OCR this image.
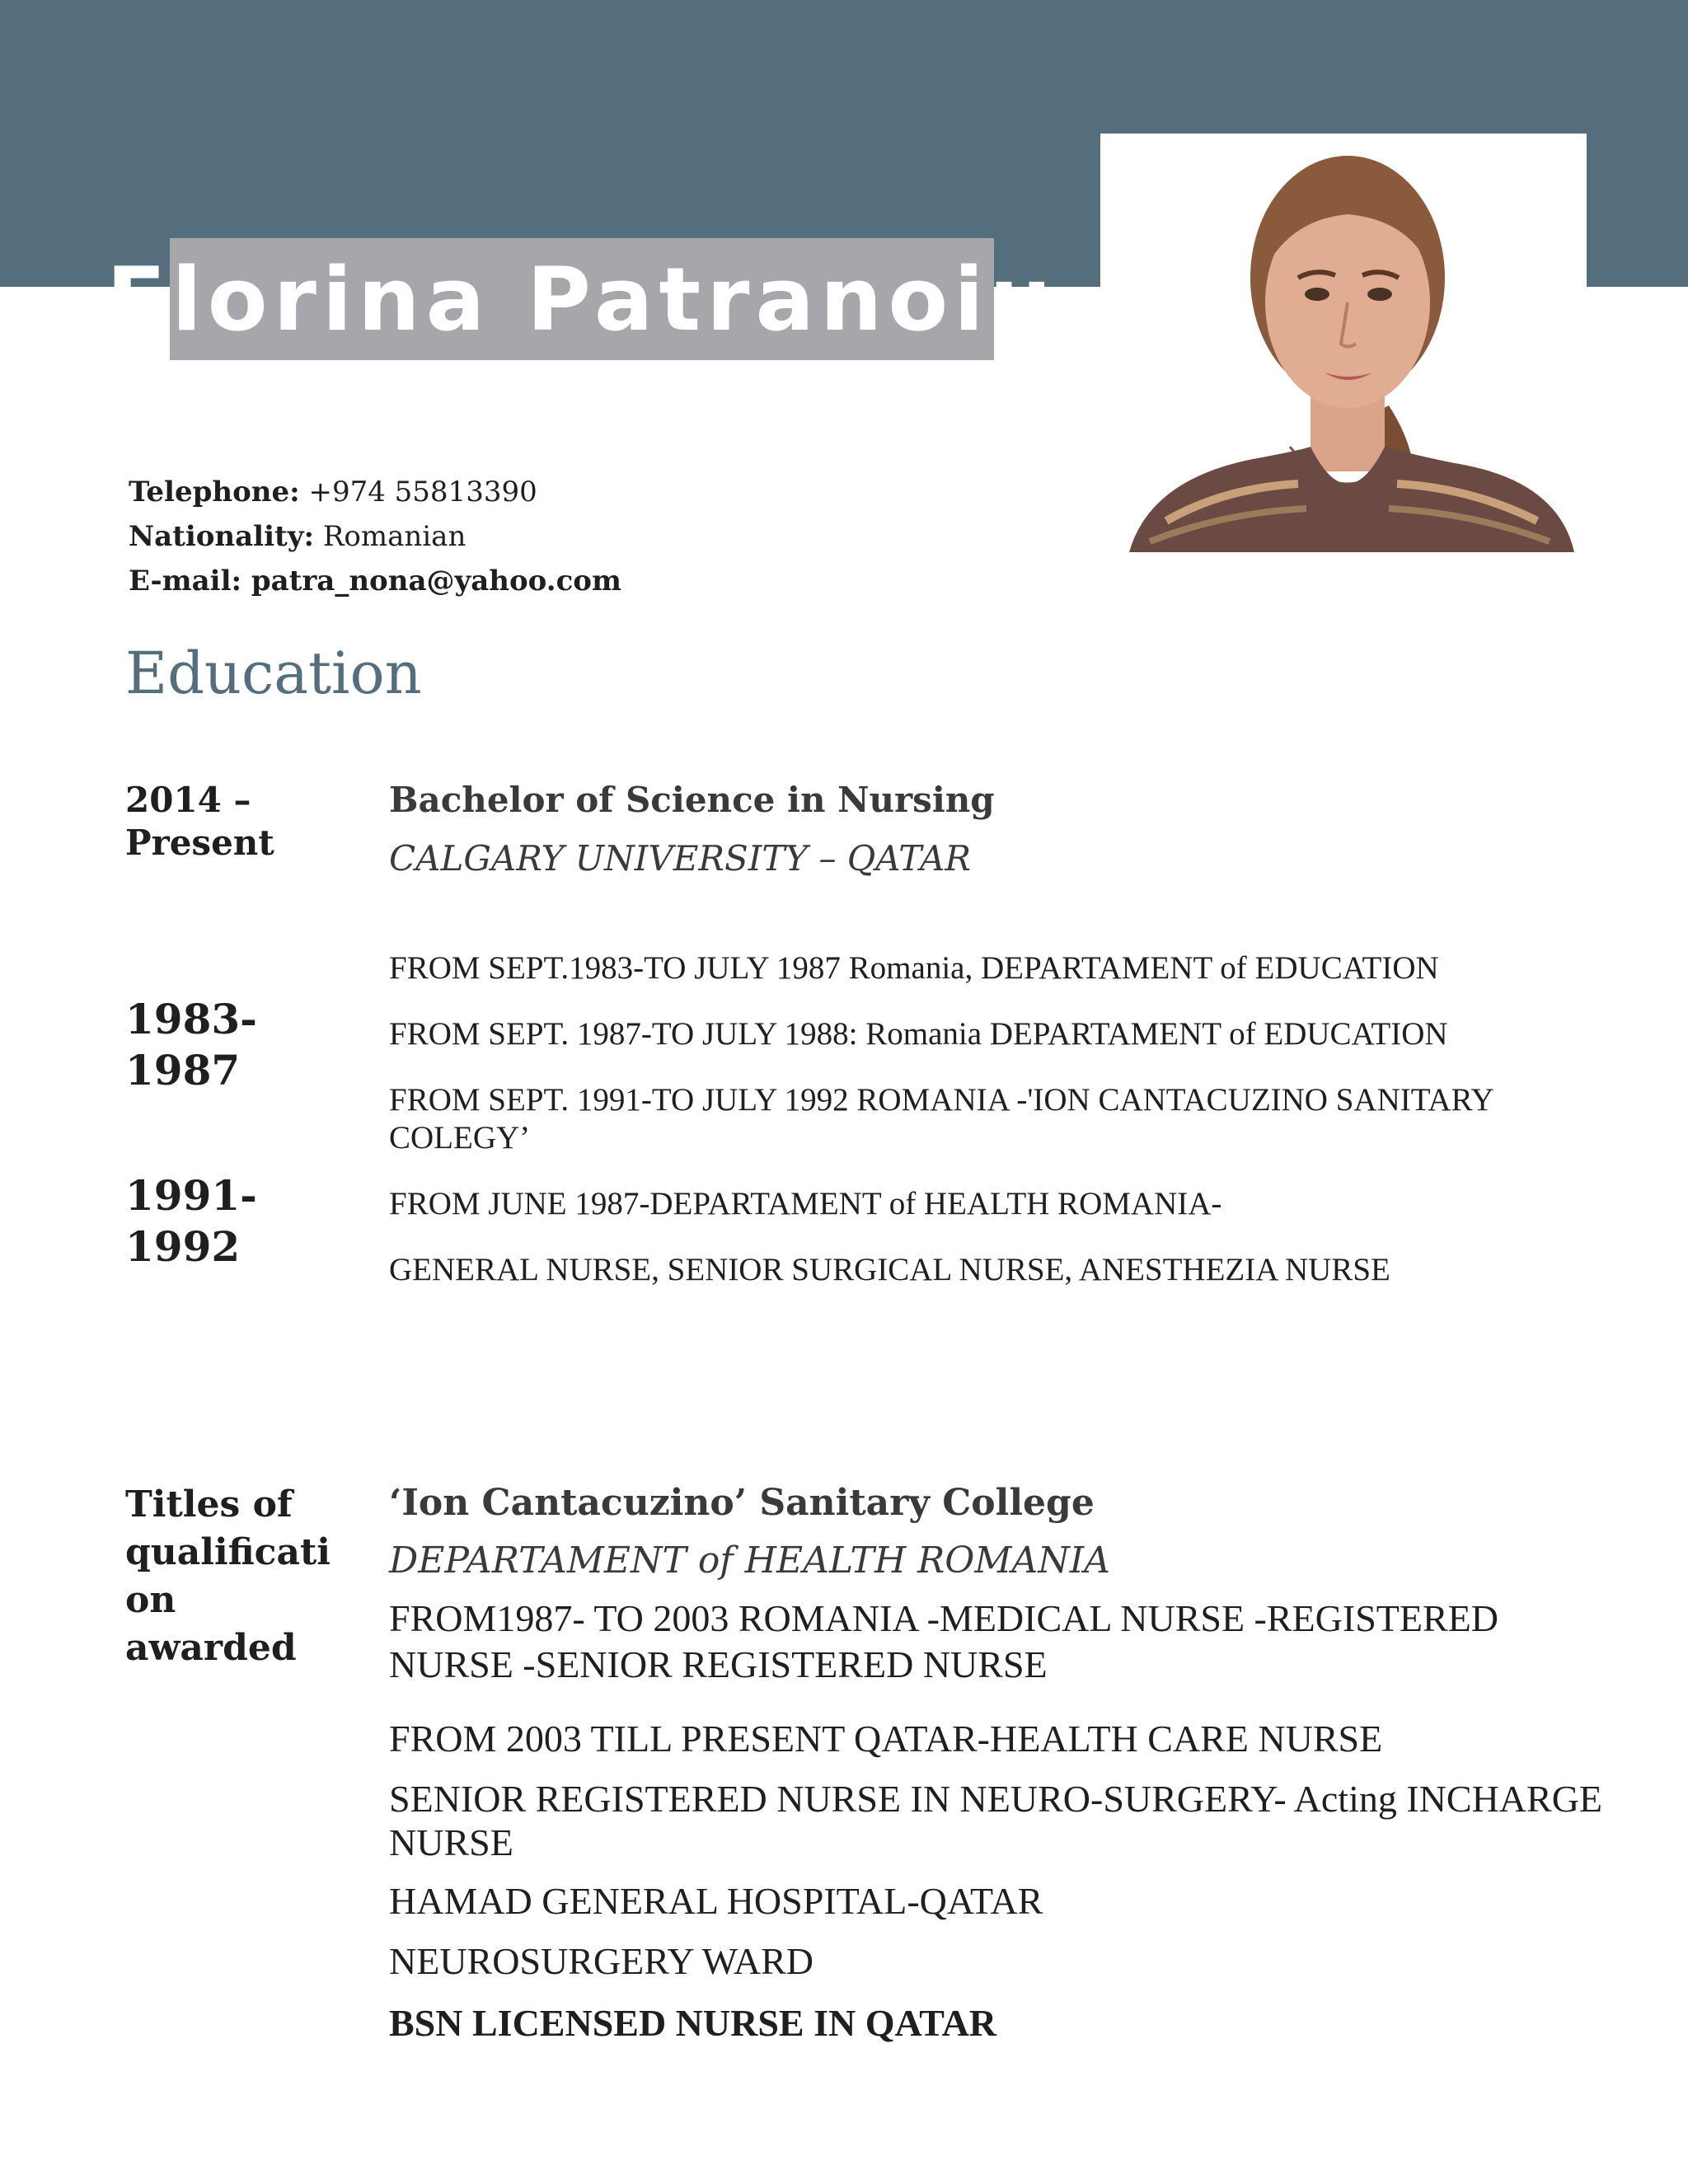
Florina Patranoiu
Telephone: +974 55813390
Nationality: Romanian
E-mail: patra_nona@yahoo.com
Education
2014 –
Present
Bachelor of Science in Nursing
CALGARY UNIVERSITY – QATAR
1983-
1987
1991-
1992
FROM SEPT.1983-TO JULY 1987 Romania, DEPARTAMENT of EDUCATION
FROM SEPT. 1987-TO JULY 1988: Romania DEPARTAMENT of EDUCATION
FROM SEPT. 1991-TO JULY 1992 ROMANIA -'ION CANTACUZINO SANITARY
COLEGY’
FROM JUNE 1987-DEPARTAMENT of HEALTH ROMANIA-
GENERAL NURSE, SENIOR SURGICAL NURSE, ANESTHEZIA NURSE
Titles of
qualificati
on
awarded
‘Ion Cantacuzino’ Sanitary College
DEPARTAMENT of HEALTH ROMANIA
FROM1987- TO 2003 ROMANIA -MEDICAL NURSE -REGISTERED
NURSE -SENIOR REGISTERED NURSE
FROM 2003 TILL PRESENT QATAR-HEALTH CARE NURSE
SENIOR REGISTERED NURSE IN NEURO-SURGERY- Acting INCHARGE
NURSE
HAMAD GENERAL HOSPITAL-QATAR
NEUROSURGERY WARD
BSN LICENSED NURSE IN QATAR
